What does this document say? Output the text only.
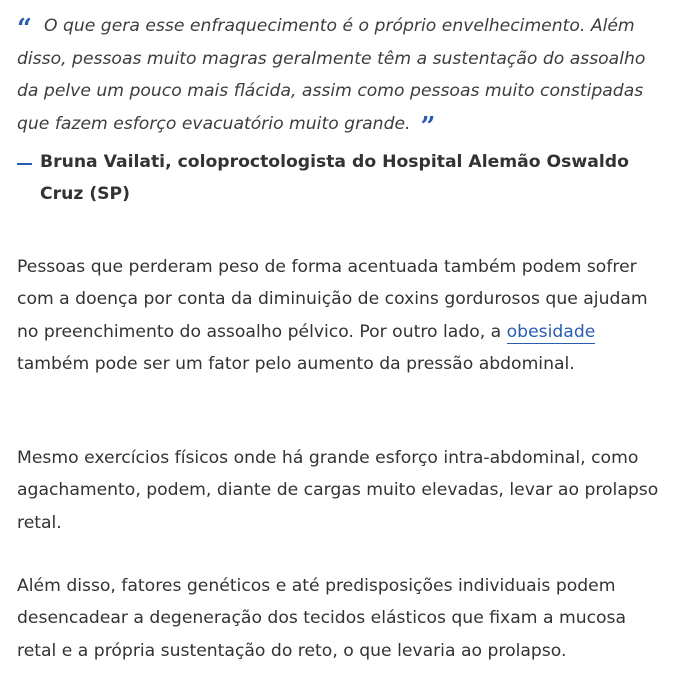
“ O que gera esse enfraquecimento é o próprio envelhecimento. Além disso, pessoas muito magras geralmente têm a sustentação do assoalho da pelve um pouco mais flácida, assim como pessoas muito constipadas que fazem esforço evacuatório muito grande. ”

Bruna Vailati, coloproctologista do Hospital Alemão Oswaldo Cruz (SP)

Pessoas que perderam peso de forma acentuada também podem sofrer com a doença por conta da diminuição de coxins gordurosos que ajudam no preenchimento do assoalho pélvico. Por outro lado, a obesidade também pode ser um fator pelo aumento da pressão abdominal.

Mesmo exercícios físicos onde há grande esforço intra-abdominal, como agachamento, podem, diante de cargas muito elevadas, levar ao prolapso retal.

Além disso, fatores genéticos e até predisposições individuais podem desencadear a degeneração dos tecidos elásticos que fixam a mucosa retal e a própria sustentação do reto, o que levaria ao prolapso.
